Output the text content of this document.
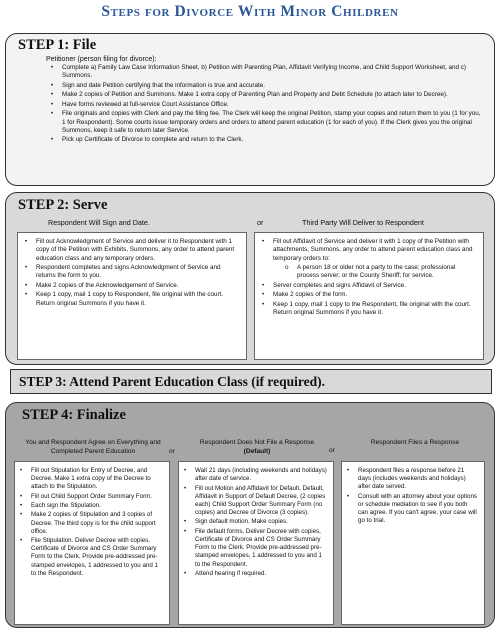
Steps for Divorce With Minor Children
STEP 1: File
Petitioner (person filing for divorce):
• Complete a) Family Law Case Information Sheet, b) Petition with Parenting Plan, Affidavit Verifying Income, and Child Support Worksheet, and c) Summons.
• Sign and date Petition certifying that the information is true and accurate.
• Make 2 copies of Petition and Summons. Make 1 extra copy of Parenting Plan and Property and Debt Schedule (to attach later to Decree).
• Have forms reviewed at full-service Court Assistance Office.
• File originals and copies with Clerk and pay the filing fee. The Clerk will keep the original Petition, stamp your copies and return them to you (1 for you, 1 for Respondent). Some courts issue temporary orders and orders to attend parent education (1 for each of you). If the Clerk gives you the original Summons, keep it safe to return later Service.
• Pick up Certificate of Divorce to complete and return to the Clerk.
STEP 2: Serve
Respondent Will Sign and Date.	or	Third Party Will Deliver to Respondent
• Fill out Acknowledgment of Service and deliver it to Respondent with 1 copy of the Petition with Exhibits, Summons, any order to attend parent education class and any temporary orders.
• Respondent completes and signs Acknowledgment of Service and returns the form to you.
• Make 2 copies of the Acknowledgement of Service.
• Keep 1 copy, mail 1 copy to Respondent, file original with the court. Return original Summons if you have it.
• Fill out Affidavit of Service and deliver it with 1 copy of the Petition with attachments, Summons, any order to attend parent education class and temporary orders to:
o A person 18 or older not a party to the case; professional process server; or the County Sheriff; for service.
• Server completes and signs Affidavit of Service.
• Make 2 copies of the form.
• Keep 1 copy, mail 1 copy to the Respondent, file original with the court. Return original Summons if you have it.
STEP 3: Attend Parent Education Class (if required).
STEP 4: Finalize
You and Respondent Agree on Everything and Completed Parent Education	or
Respondent Does Not File a Response
(Default)	or
Respondent Files a Response
• Fill out Stipulation for Entry of Decree, and Decree. Make 1 extra copy of the Decree to attach to the Stipulation.
• Fill out Child Support Order Summary Form.
• Each sign the Stipulation.
• Make 2 copies of Stipulation and 3 copies of Decree. The third copy is for the child support office.
• File Stipulation. Deliver Decree with copies, Certificate of Divorce and CS Order Summary Form to the Clerk. Provide pre-addressed pre-stamped envelopes, 1 addressed to you and 1 to the Respondent.
• Wait 21 days (including weekends and holidays) after date of service.
• Fill out Motion and Affidavit for Default, Default, Affidavit in Support of Default Decree, (2 copies each) Child Support Order Summary Form (no copies) and Decree of Divorce (3 copies).
• Sign default motion. Make copies.
• File default forms. Deliver Decree with copies, Certificate of Divorce and CS Order Summary Form to the Clerk. Provide pre-addressed pre-stamped envelopes, 1 addressed to you and 1 to the Respondent.
• Attend hearing if required.
• Respondent files a response before 21 days (includes weekends and holidays) after date served.
• Consult with an attorney about your options or schedule mediation to see if you both can agree. If you can't agree, your case will go to trial.
